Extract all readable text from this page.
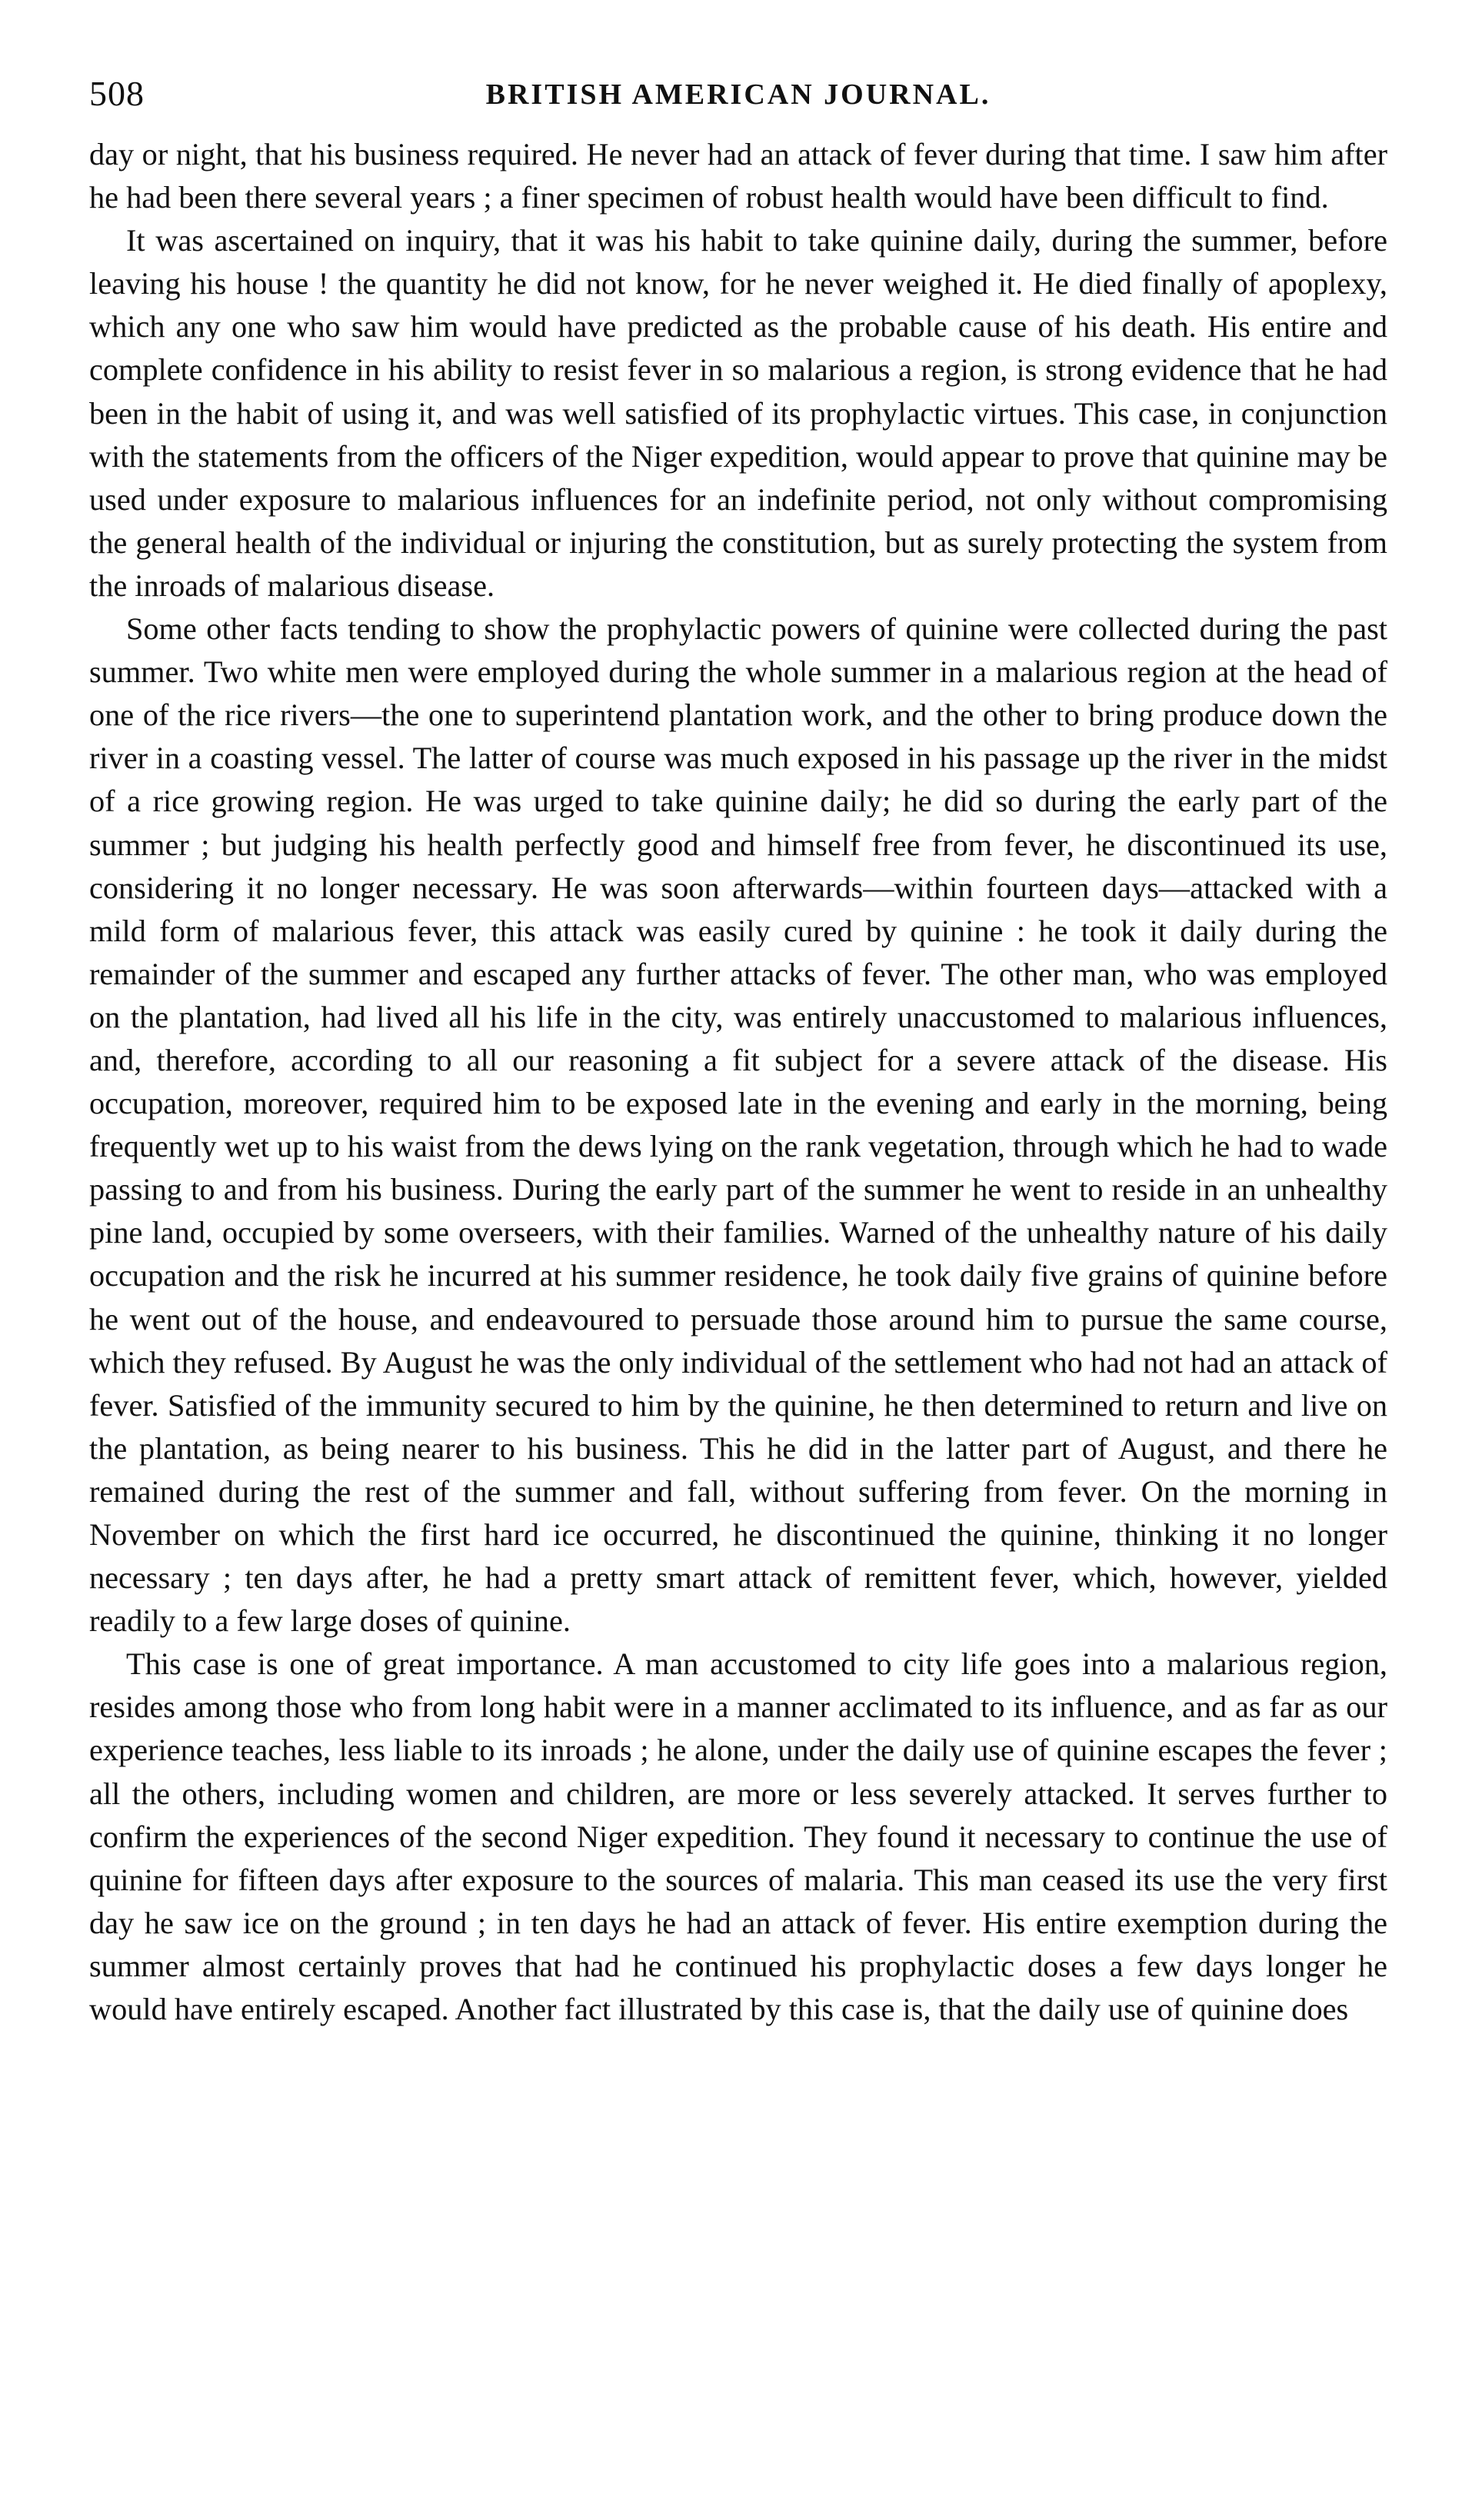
508	BRITISH AMERICAN JOURNAL.

day or night, that his business required. He never had an attack of fever during that time. I saw him after he had been there several years ; a finer specimen of robust health would have been difficult to find.

It was ascertained on inquiry, that it was his habit to take quinine daily, during the summer, before leaving his house ! the quantity he did not know, for he never weighed it. He died finally of apoplexy, which any one who saw him would have predicted as the probable cause of his death. His entire and complete confidence in his ability to resist fever in so malarious a region, is strong evidence that he had been in the habit of using it, and was well satisfied of its prophylactic virtues. This case, in conjunction with the statements from the officers of the Niger expedition, would appear to prove that quinine may be used under exposure to malarious influences for an indefinite period, not only without compromising the general health of the individual or injuring the constitution, but as surely protecting the system from the inroads of malarious disease.

Some other facts tending to show the prophylactic powers of quinine were collected during the past summer. Two white men were employed during the whole summer in a malarious region at the head of one of the rice rivers—the one to superintend plantation work, and the other to bring produce down the river in a coasting vessel. The latter of course was much exposed in his passage up the river in the midst of a rice growing region. He was urged to take quinine daily; he did so during the early part of the summer ; but judging his health perfectly good and himself free from fever, he discontinued its use, considering it no longer necessary. He was soon afterwards—within fourteen days—attacked with a mild form of malarious fever, this attack was easily cured by quinine : he took it daily during the remainder of the summer and escaped any further attacks of fever. The other man, who was employed on the plantation, had lived all his life in the city, was entirely unaccustomed to malarious influences, and, therefore, according to all our reasoning a fit subject for a severe attack of the disease. His occupation, moreover, required him to be exposed late in the evening and early in the morning, being frequently wet up to his waist from the dews lying on the rank vegetation, through which he had to wade passing to and from his business. During the early part of the summer he went to reside in an unhealthy pine land, occupied by some overseers, with their families. Warned of the unhealthy nature of his daily occupation and the risk he incurred at his summer residence, he took daily five grains of quinine before he went out of the house, and endeavoured to persuade those around him to pursue the same course, which they refused. By August he was the only individual of the settlement who had not had an attack of fever. Satisfied of the immunity secured to him by the quinine, he then determined to return and live on the plantation, as being nearer to his business. This he did in the latter part of August, and there he remained during the rest of the summer and fall, without suffering from fever. On the morning in November on which the first hard ice occurred, he discontinued the quinine, thinking it no longer necessary ; ten days after, he had a pretty smart attack of remittent fever, which, however, yielded readily to a few large doses of quinine.

This case is one of great importance. A man accustomed to city life goes into a malarious region, resides among those who from long habit were in a manner acclimated to its influence, and as far as our experience teaches, less liable to its inroads ; he alone, under the daily use of quinine escapes the fever ; all the others, including women and children, are more or less severely attacked. It serves further to confirm the experiences of the second Niger expedition. They found it necessary to continue the use of quinine for fifteen days after exposure to the sources of malaria. This man ceased its use the very first day he saw ice on the ground ; in ten days he had an attack of fever. His entire exemption during the summer almost certainly proves that had he continued his prophylactic doses a few days longer he would have entirely escaped. Another fact illustrated by this case is, that the daily use of quinine does
